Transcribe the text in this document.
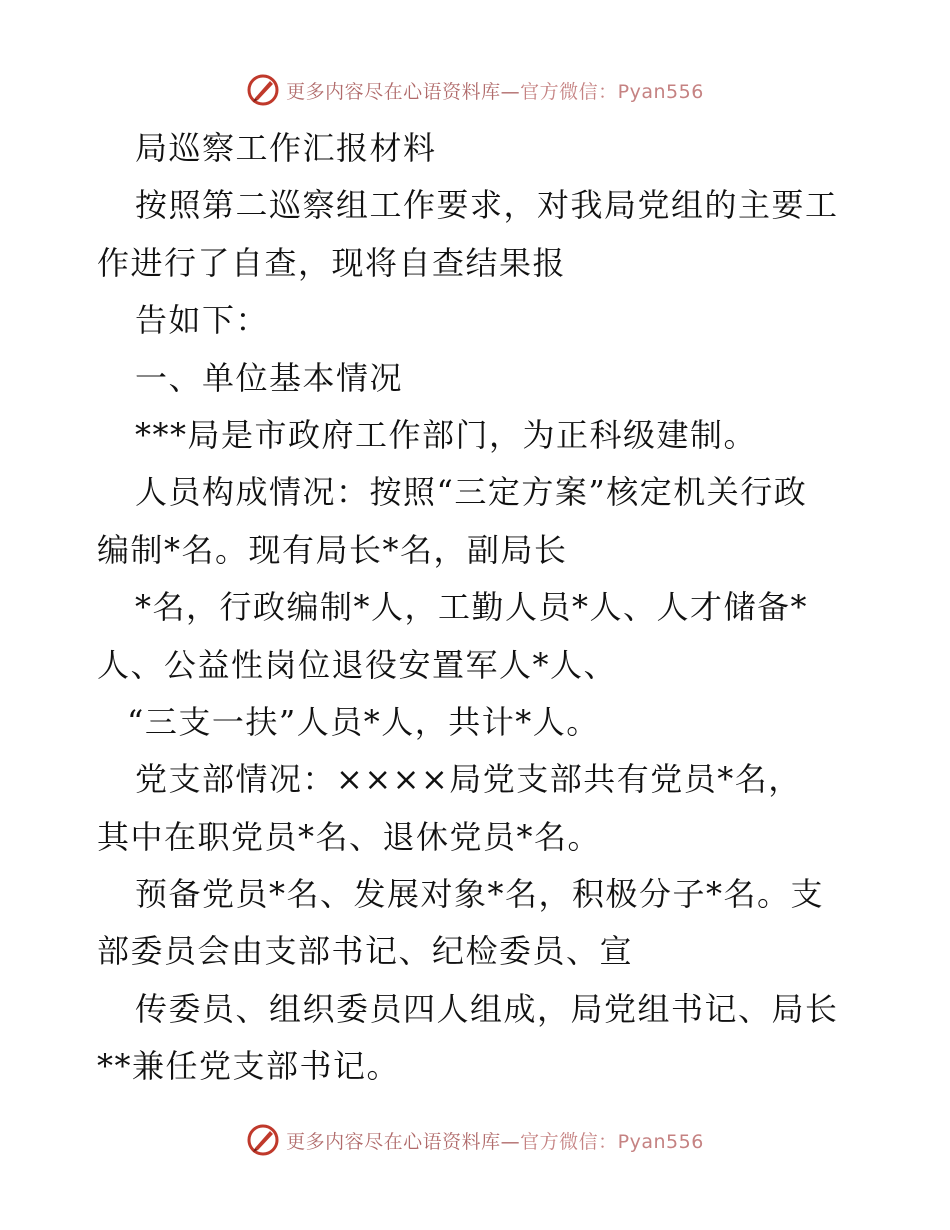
更多内容尽在心语资料库—官方微信：Pyan556
局巡察工作汇报材料
按照第二巡察组工作要求，对我局党组的主要工
作进行了自查，现将自查结果报
告如下：
一、单位基本情况
***局是市政府工作部门，为正科级建制。
人员构成情况：按照“三定方案”核定机关行政
编制*名。现有局长*名，副局长
*名，行政编制*人，工勤人员*人、人才储备*
人、公益性岗位退役安置军人*人、
“三支一扶”人员*人，共计*人。
党支部情况：××××局党支部共有党员*名，
其中在职党员*名、退休党员*名。
预备党员*名、发展对象*名，积极分子*名。支
部委员会由支部书记、纪检委员、宣
传委员、组织委员四人组成，局党组书记、局长
**兼任党支部书记。
更多内容尽在心语资料库—官方微信：Pyan556
